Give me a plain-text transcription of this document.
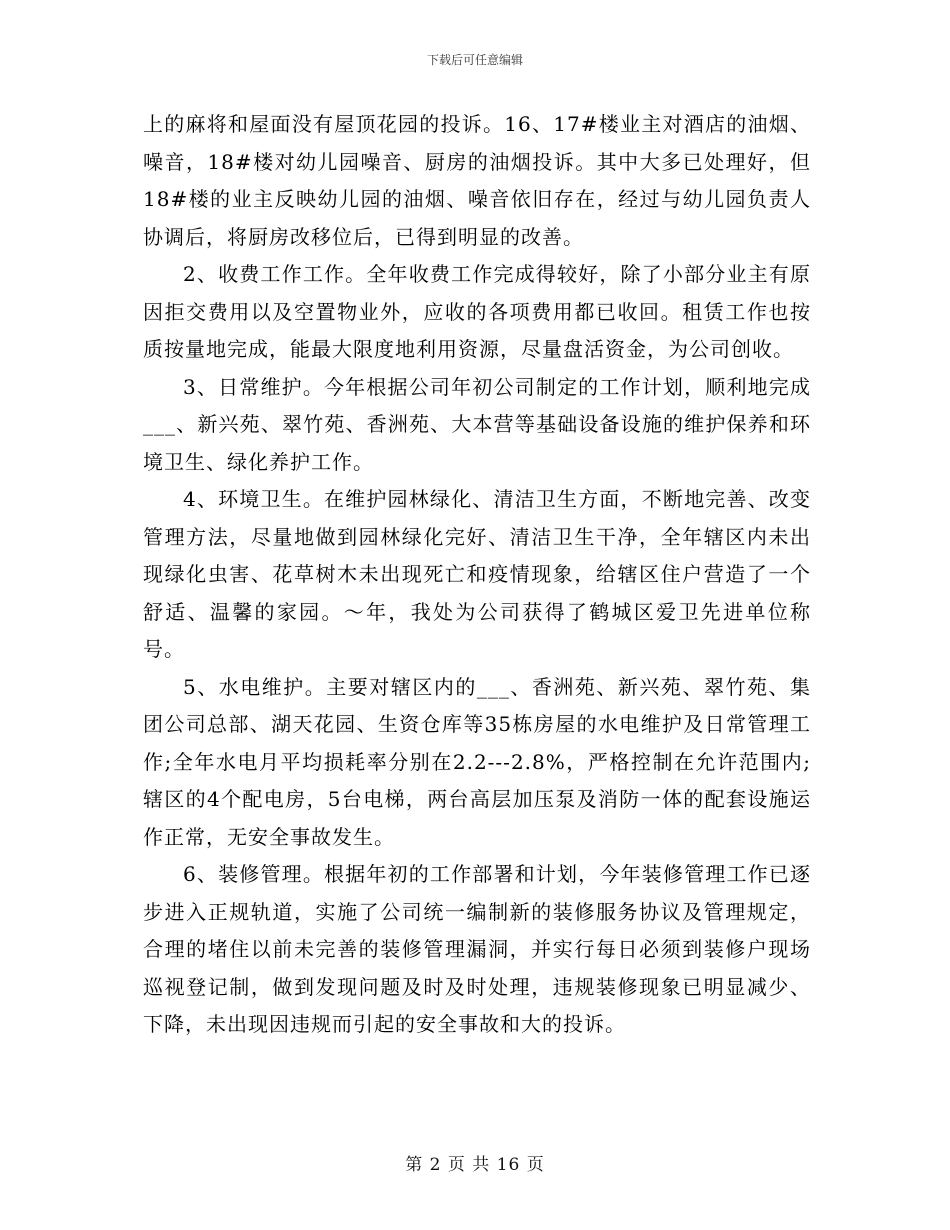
下载后可任意编辑

上的麻将和屋面没有屋顶花园的投诉。16、17#楼业主对酒店的油烟、噪音，18#楼对幼儿园噪音、厨房的油烟投诉。其中大多已处理好，但18#楼的业主反映幼儿园的油烟、噪音依旧存在，经过与幼儿园负责人协调后，将厨房改移位后，已得到明显的改善。

2、收费工作工作。全年收费工作完成得较好，除了小部分业主有原因拒交费用以及空置物业外，应收的各项费用都已收回。租赁工作也按质按量地完成，能最大限度地利用资源，尽量盘活资金，为公司创收。

3、日常维护。今年根据公司年初公司制定的工作计划，顺利地完成___、新兴苑、翠竹苑、香洲苑、大本营等基础设备设施的维护保养和环境卫生、绿化养护工作。

4、环境卫生。在维护园林绿化、清洁卫生方面，不断地完善、改变管理方法，尽量地做到园林绿化完好、清洁卫生干净，全年辖区内未出现绿化虫害、花草树木未出现死亡和疫情现象，给辖区住户营造了一个舒适、温馨的家园。～年，我处为公司获得了鹤城区爱卫先进单位称号。

5、水电维护。主要对辖区内的___、香洲苑、新兴苑、翠竹苑、集团公司总部、湖天花园、生资仓库等35栋房屋的水电维护及日常管理工作;全年水电月平均损耗率分别在2.2---2.8%，严格控制在允许范围内;辖区的4个配电房，5台电梯，两台高层加压泵及消防一体的配套设施运作正常，无安全事故发生。

6、装修管理。根据年初的工作部署和计划，今年装修管理工作已逐步进入正规轨道，实施了公司统一编制新的装修服务协议及管理规定，合理的堵住以前未完善的装修管理漏洞，并实行每日必须到装修户现场巡视登记制，做到发现问题及时及时处理，违规装修现象已明显减少、下降，未出现因违规而引起的安全事故和大的投诉。

第 2 页 共 16 页
